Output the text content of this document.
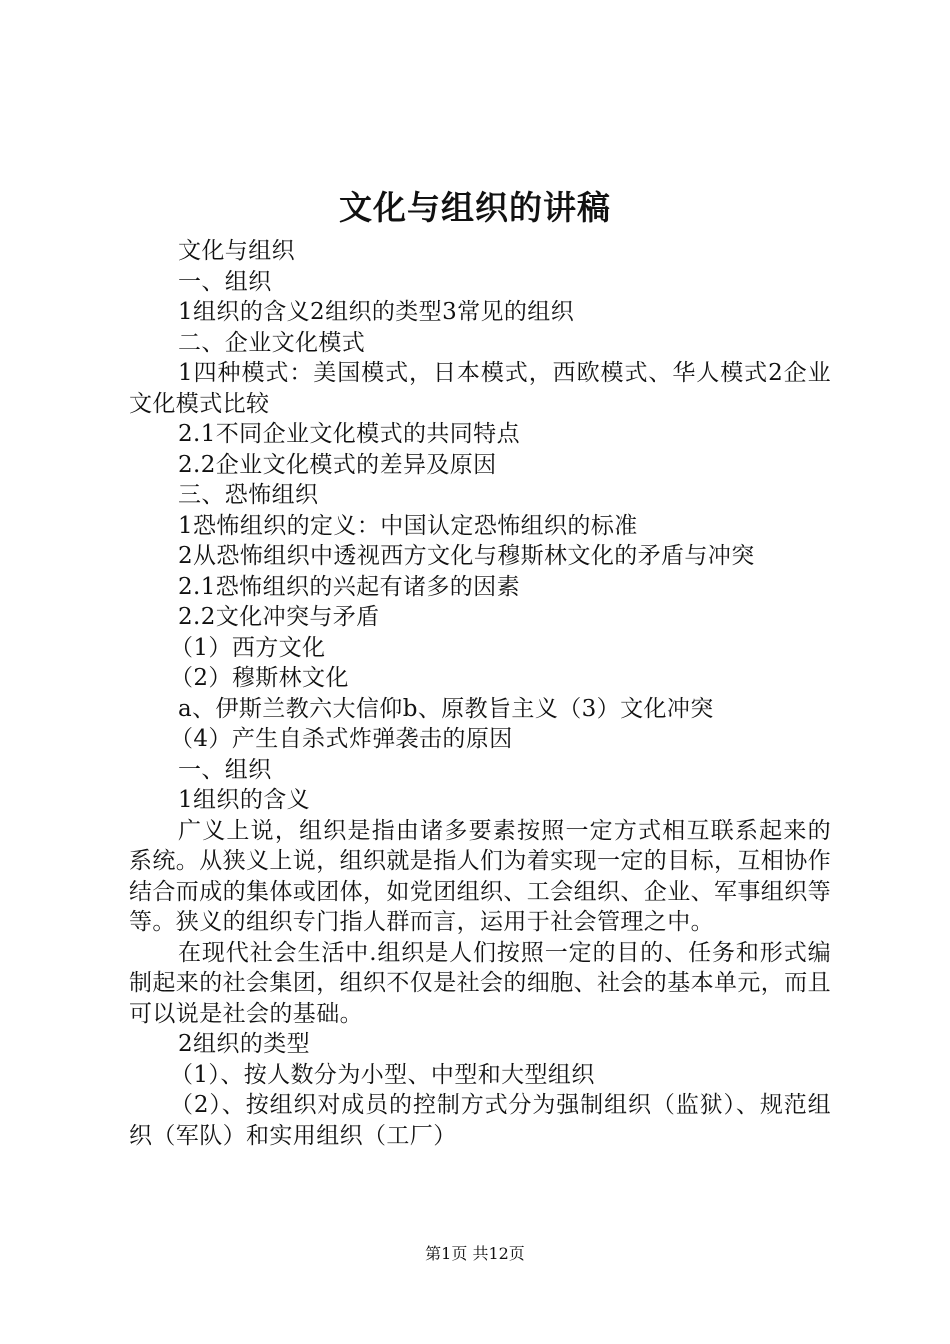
文化与组织的讲稿

文化与组织

一、组织

1组织的含义2组织的类型3常见的组织

二、企业文化模式

1四种模式：美国模式，日本模式，西欧模式、华人模式2企业文化模式比较

2.1不同企业文化模式的共同特点

2.2企业文化模式的差异及原因

三、恐怖组织

1恐怖组织的定义：中国认定恐怖组织的标准

2从恐怖组织中透视西方文化与穆斯林文化的矛盾与冲突

2.1恐怖组织的兴起有诸多的因素

2.2文化冲突与矛盾

（1）西方文化

（2）穆斯林文化

a、伊斯兰教六大信仰b、原教旨主义（3）文化冲突

（4）产生自杀式炸弹袭击的原因

一、组织

1组织的含义

广义上说，组织是指由诸多要素按照一定方式相互联系起来的系统。从狭义上说，组织就是指人们为着实现一定的目标，互相协作结合而成的集体或团体，如党团组织、工会组织、企业、军事组织等等。狭义的组织专门指人群而言，运用于社会管理之中。

在现代社会生活中.组织是人们按照一定的目的、任务和形式编制起来的社会集团，组织不仅是社会的细胞、社会的基本单元，而且可以说是社会的基础。

2组织的类型

（1）、按人数分为小型、中型和大型组织

（2）、按组织对成员的控制方式分为强制组织（监狱）、规范组织（军队）和实用组织（工厂）

第1页 共12页
